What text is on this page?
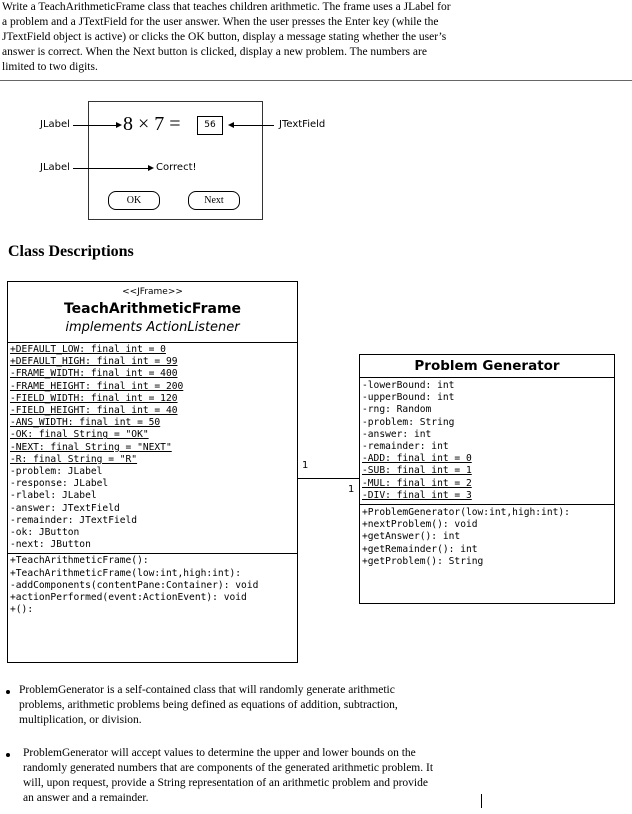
Write a TeachArithmeticFrame class that teaches children arithmetic. The frame uses a JLabel for
a problem and a JTextField for the user answer. When the user presses the Enter key (while the
JTextField object is active) or clicks the OK button, display a message stating whether the user’s
answer is correct. When the Next button is clicked, display a new problem. The numbers are
limited to two digits.
JLabel	8 × 7 =	56	JTextField
JLabel	Correct!
OK	Next
Class Descriptions
<<JFrame>>
TeachArithmeticFrame
implements ActionListener
+DEFAULT_LOW: final int = 0
+DEFAULT_HIGH: final int = 99
-FRAME_WIDTH: final int = 400
-FRAME_HEIGHT: final int = 200
-FIELD_WIDTH: final int = 120
-FIELD_HEIGHT: final int = 40
-ANS_WIDTH: final int = 50
-OK: final String = "OK"
-NEXT: final String = "NEXT"
-R: final String = "R"
-problem: JLabel
-response: JLabel
-rlabel: JLabel
-answer: JTextField
-remainder: JTextField
-ok: JButton
-next: JButton
+TeachArithmeticFrame():
+TeachArithmeticFrame(low:int,high:int):
-addComponents(contentPane:Container): void
+actionPerformed(event:ActionEvent): void
+():
1
1
Problem Generator
-lowerBound: int
-upperBound: int
-rng: Random
-problem: String
-answer: int
-remainder: int
-ADD: final int = 0
-SUB: final int = 1
-MUL: final int = 2
-DIV: final int = 3
+ProblemGenerator(low:int,high:int):
+nextProblem(): void
+getAnswer(): int
+getRemainder(): int
+getProblem(): String
ProblemGenerator is a self-contained class that will randomly generate arithmetic
problems, arithmetic problems being defined as equations of addition, subtraction,
multiplication, or division.
ProblemGenerator will accept values to determine the upper and lower bounds on the
randomly generated numbers that are components of the generated arithmetic problem. It
will, upon request, provide a String representation of an arithmetic problem and provide
an answer and a remainder.
